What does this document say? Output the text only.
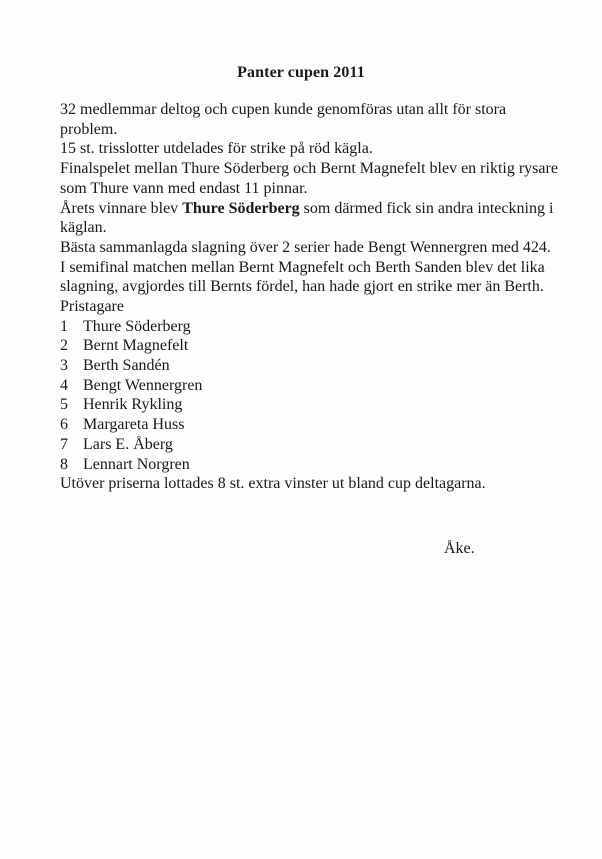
Panter cupen 2011

32 medlemmar deltog och cupen kunde genomföras utan allt för stora problem.

15 st. trisslotter utdelades för strike på röd kägla.

Finalspelet mellan Thure Söderberg och Bernt Magnefelt blev en riktig rysare som Thure vann med endast 11 pinnar.

Årets vinnare blev Thure Söderberg som därmed fick sin andra inteckning i käglan.

Bästa sammanlagda slagning över 2 serier hade Bengt Wennergren med 424.

I semifinal matchen mellan Bernt Magnefelt och Berth Sanden blev det lika slagning, avgjordes till Bernts fördel, han hade gjort en strike mer än Berth.

Pristagare

1 Thure Söderberg
2 Bernt Magnefelt
3 Berth Sandén
4 Bengt Wennergren
5 Henrik Rykling
6 Margareta Huss
7 Lars E. Åberg
8 Lennart Norgren

Utöver priserna lottades 8 st. extra vinster ut bland cup deltagarna.

Åke.
